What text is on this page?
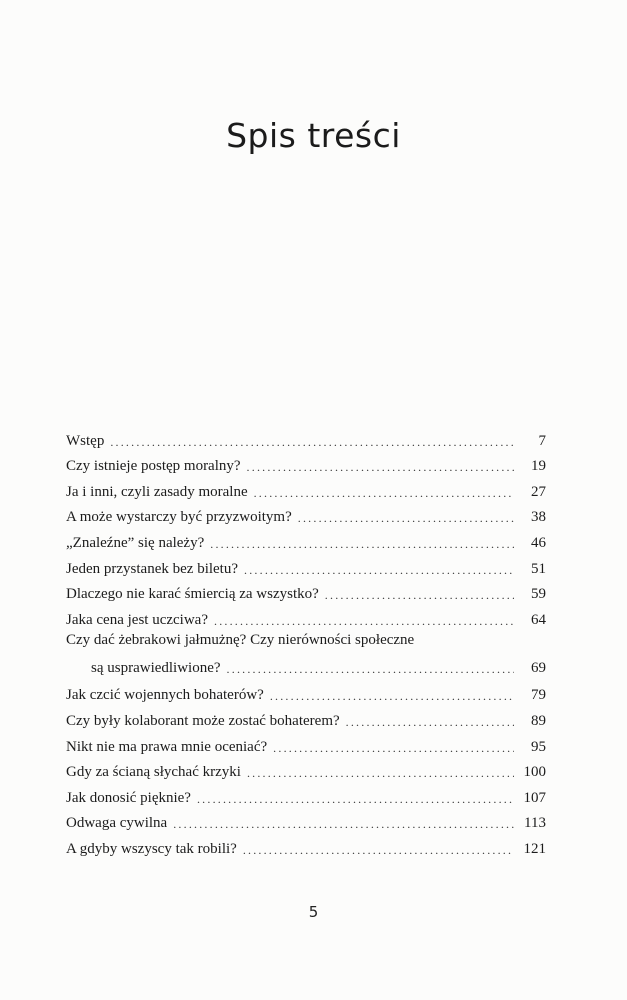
Spis treści
Wstęp .....	7
Czy istnieje postęp moralny? .....	19
Ja i inni, czyli zasady moralne .....	27
A może wystarczy być przyzwoitym? .....	38
„Znaleźne” się należy? .....	46
Jeden przystanek bez biletu? .....	51
Dlaczego nie karać śmiercią za wszystko? .....	59
Jaka cena jest uczciwa? .....	64
Czy dać żebrakowi jałmużnę? Czy nierówności społeczne
są usprawiedliwione? .....	69
Jak czcić wojennych bohaterów? .....	79
Czy były kolaborant może zostać bohaterem? .....	89
Nikt nie ma prawa mnie oceniać? .....	95
Gdy za ścianą słychać krzyki .....	100
Jak donosić pięknie? .....	107
Odwaga cywilna .....	113
A gdyby wszyscy tak robili? .....	121
5
